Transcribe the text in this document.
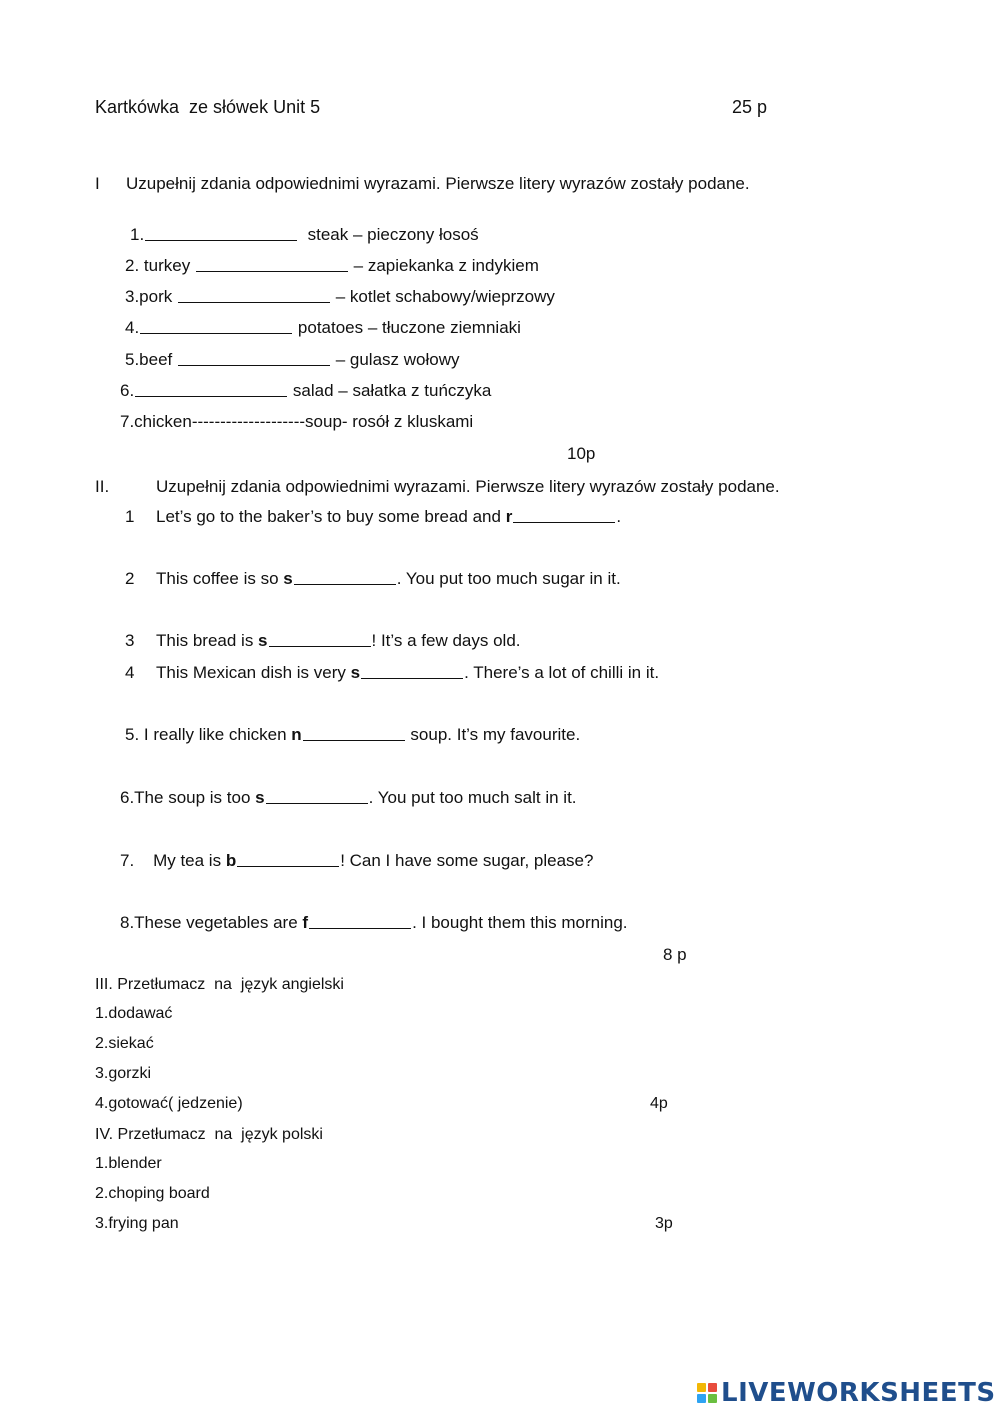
Kartkówka  ze słówek Unit 5	25 p
I Uzupełnij zdania odpowiednimi wyrazami. Pierwsze litery wyrazów zostały podane.
1.	steak – pieczony łosoś
2. turkey	– zapiekanka z indykiem
3.pork	– kotlet schabowy/wieprzowy
4.	potatoes – tłuczone ziemniaki
5.beef	– gulasz wołowy
6.	salad – sałatka z tuńczyka
7.chicken--------------------soup- rosół z kluskami
10p
II.	Uzupełnij zdania odpowiednimi wyrazami. Pierwsze litery wyrazów zostały podane.
1 Let’s go to the baker’s to buy some bread and r	.
2 This coffee is so s	. You put too much sugar in it.
3 This bread is s	! It’s a few days old.
4 This Mexican dish is very s	. There’s a lot of chilli in it.
5. I really like chicken n	soup. It’s my favourite.
6.The soup is too s	. You put too much salt in it.
7.    My tea is b	! Can I have some sugar, please?
8.These vegetables are f	. I bought them this morning.
8 p
III. Przetłumacz  na  język angielski
1.dodawać
2.siekać
3.gorzki
4.gotować( jedzenie)	4p
IV. Przetłumacz  na  język polski
1.blender
2.choping board
3.frying pan	3p
LIVEWORKSHEETS
